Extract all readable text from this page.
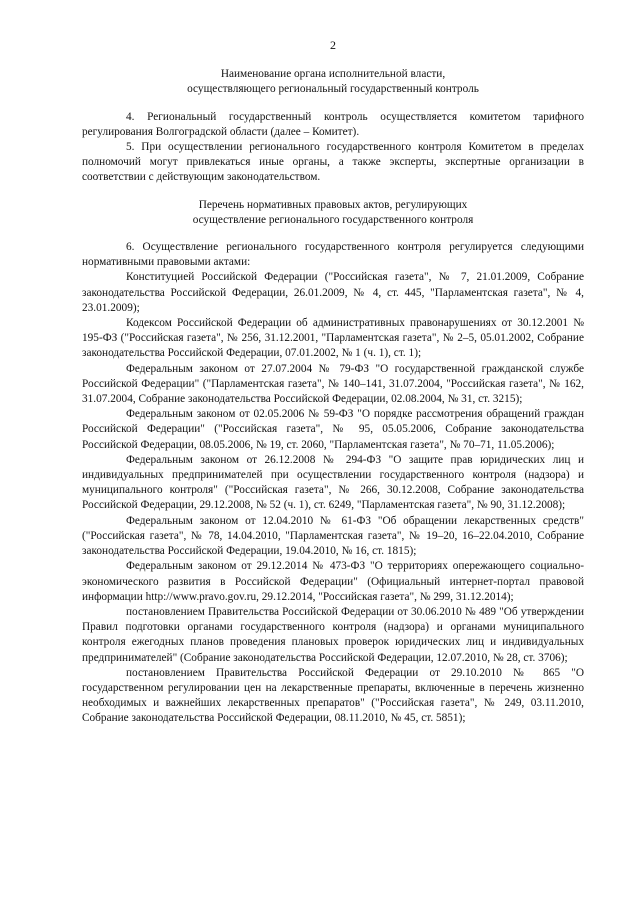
2

Наименование органа исполнительной власти,

осуществляющего региональный государственный контроль

4. Региональный государственный контроль осуществляется комитетом тарифного регулирования Волгоградской области (далее – Комитет).

5. При осуществлении регионального государственного контроля Комитетом в пределах полномочий могут привлекаться иные органы, а также эксперты, экспертные организации в соответствии с действующим законодательством.

Перечень нормативных правовых актов, регулирующих

осуществление регионального государственного контроля

6. Осуществление регионального государственного контроля регулируется следующими нормативными правовыми актами:

Конституцией Российской Федерации ("Российская газета", № 7, 21.01.2009, Собрание законодательства Российской Федерации, 26.01.2009, № 4, ст. 445, "Парламентская газета", № 4, 23.01.2009);

Кодексом Российской Федерации об административных правонарушениях от 30.12.2001 № 195-ФЗ ("Российская газета", № 256, 31.12.2001, "Парламентская газета", № 2–5, 05.01.2002, Собрание законодательства Российской Федерации, 07.01.2002, № 1 (ч. 1), ст. 1);

Федеральным законом от 27.07.2004 № 79-ФЗ "О государственной гражданской службе Российской Федерации" ("Парламентская газета", № 140–141, 31.07.2004, "Российская газета", № 162, 31.07.2004, Собрание законодательства Российской Федерации, 02.08.2004, № 31, ст. 3215);

Федеральным законом от 02.05.2006 № 59-ФЗ "О порядке рассмотрения обращений граждан Российской Федерации" ("Российская газета", № 95, 05.05.2006, Собрание законодательства Российской Федерации, 08.05.2006, № 19, ст. 2060, "Парламентская газета", № 70–71, 11.05.2006);

Федеральным законом от 26.12.2008 № 294-ФЗ "О защите прав юридических лиц и индивидуальных предпринимателей при осуществлении государственного контроля (надзора) и муниципального контроля" ("Российская газета", № 266, 30.12.2008, Собрание законодательства Российской Федерации, 29.12.2008, № 52 (ч. 1), ст. 6249, "Парламентская газета", № 90, 31.12.2008);

Федеральным законом от 12.04.2010 № 61-ФЗ "Об обращении лекарственных средств" ("Российская газета", № 78, 14.04.2010, "Парламентская газета", № 19–20, 16–22.04.2010, Собрание законодательства Российской Федерации, 19.04.2010, № 16, ст. 1815);

Федеральным законом от 29.12.2014 № 473-ФЗ "О территориях опережающего социально-экономического развития в Российской Федерации" (Официальный интернет-портал правовой информации http://www.pravo.gov.ru, 29.12.2014, "Российская газета", № 299, 31.12.2014);

постановлением Правительства Российской Федерации от 30.06.2010 № 489 "Об утверждении Правил подготовки органами государственного контроля (надзора) и органами муниципального контроля ежегодных планов проведения плановых проверок юридических лиц и индивидуальных предпринимателей" (Собрание законодательства Российской Федерации, 12.07.2010, № 28, ст. 3706);

постановлением Правительства Российской Федерации от 29.10.2010 № 865 "О государственном регулировании цен на лекарственные препараты, включенные в перечень жизненно необходимых и важнейших лекарственных препаратов" ("Российская газета", № 249, 03.11.2010, Собрание законодательства Российской Федерации, 08.11.2010, № 45, ст. 5851);
